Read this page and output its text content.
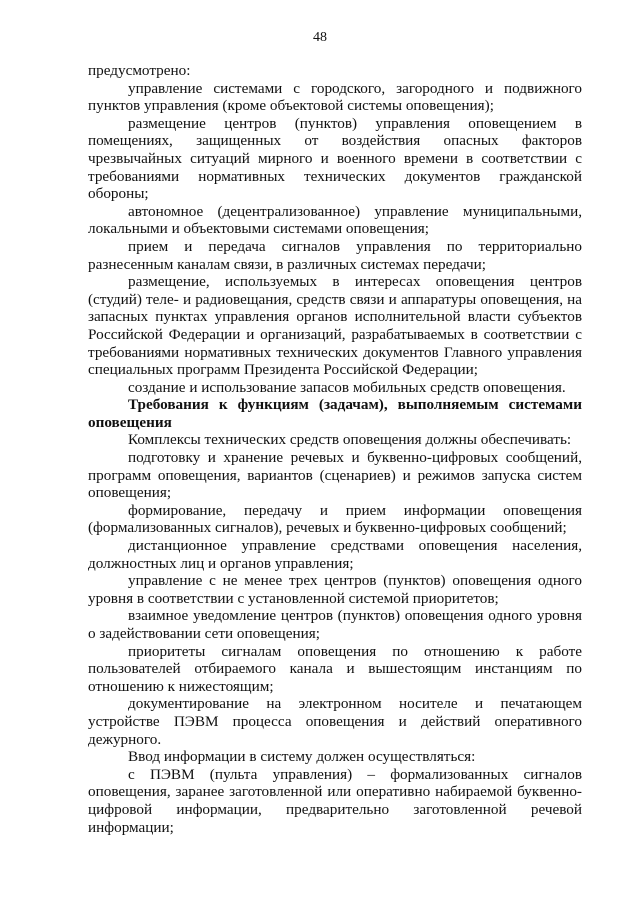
48

предусмотрено:

управление системами с городского, загородного и подвижного пунктов управления (кроме объектовой системы оповещения);

размещение центров (пунктов) управления оповещением в помещениях, защищенных от воздействия опасных факторов чрезвычайных ситуаций мирного и военного времени в соответствии с требованиями нормативных технических документов гражданской обороны;

автономное (децентрализованное) управление муниципальными, локальными и объектовыми системами оповещения;

прием и передача сигналов управления по территориально разнесенным каналам связи, в различных системах передачи;

размещение, используемых в интересах оповещения центров (студий) теле- и радиовещания, средств связи и аппаратуры оповещения, на запасных пунктах управления органов исполнительной власти субъектов Российской Федерации и организаций, разрабатываемых в соответствии с требованиями нормативных технических документов Главного управления специальных программ Президента Российской Федерации;

создание и использование запасов мобильных средств оповещения.

Требования к функциям (задачам), выполняемым системами оповещения

Комплексы технических средств оповещения должны обеспечивать:

подготовку и хранение речевых и буквенно-цифровых сообщений, программ оповещения, вариантов (сценариев) и режимов запуска систем оповещения;

формирование, передачу и прием информации оповещения (формализованных сигналов), речевых и буквенно-цифровых сообщений;

дистанционное управление средствами оповещения населения, должностных лиц и органов управления;

управление с не менее трех центров (пунктов) оповещения одного уровня в соответствии с установленной системой приоритетов;

взаимное уведомление центров (пунктов) оповещения одного уровня о задействовании сети оповещения;

приоритеты сигналам оповещения по отношению к работе пользователей отбираемого канала и вышестоящим инстанциям по отношению к нижестоящим;

документирование на электронном носителе и печатающем устройстве ПЭВМ процесса оповещения и действий оперативного дежурного.

Ввод информации в систему должен осуществляться:

с ПЭВМ (пульта управления) – формализованных сигналов оповещения, заранее заготовленной или оперативно набираемой буквенно-цифровой информации, предварительно заготовленной речевой информации;
